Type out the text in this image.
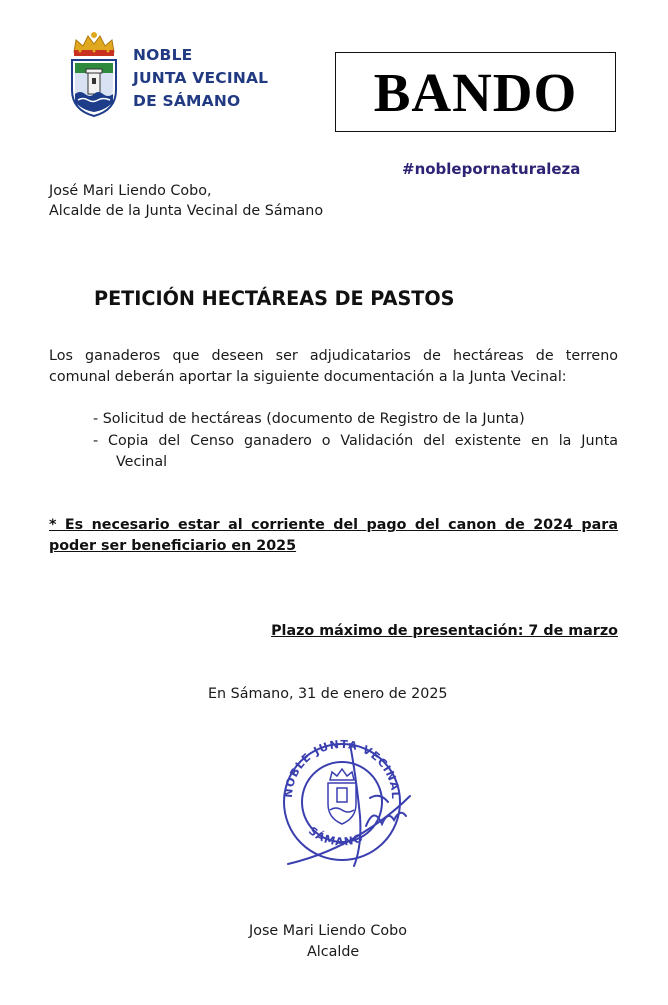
NOBLE
JUNTA VECINAL
DE SÁMANO BANDO
#noblepornaturaleza
José Mari Liendo Cobo,
Alcalde de la Junta Vecinal de Sámano
PETICIÓN HECTÁREAS DE PASTOS
Los ganaderos que deseen ser adjudicatarios de hectáreas de terreno
comunal deberán aportar la siguiente documentación a la Junta Vecinal:
- Solicitud de hectáreas (documento de Registro de la Junta)
- Copia del Censo ganadero o Validación del existente en la Junta
Vecinal
* Es necesario estar al corriente del pago del canon de 2024 para
poder ser beneficiario en 2025
Plazo máximo de presentación: 7 de marzo
En Sámano, 31 de enero de 2025
NOBLE JUNTA VECINAL
SÁMANO
Jose Mari Liendo Cobo
Alcalde
